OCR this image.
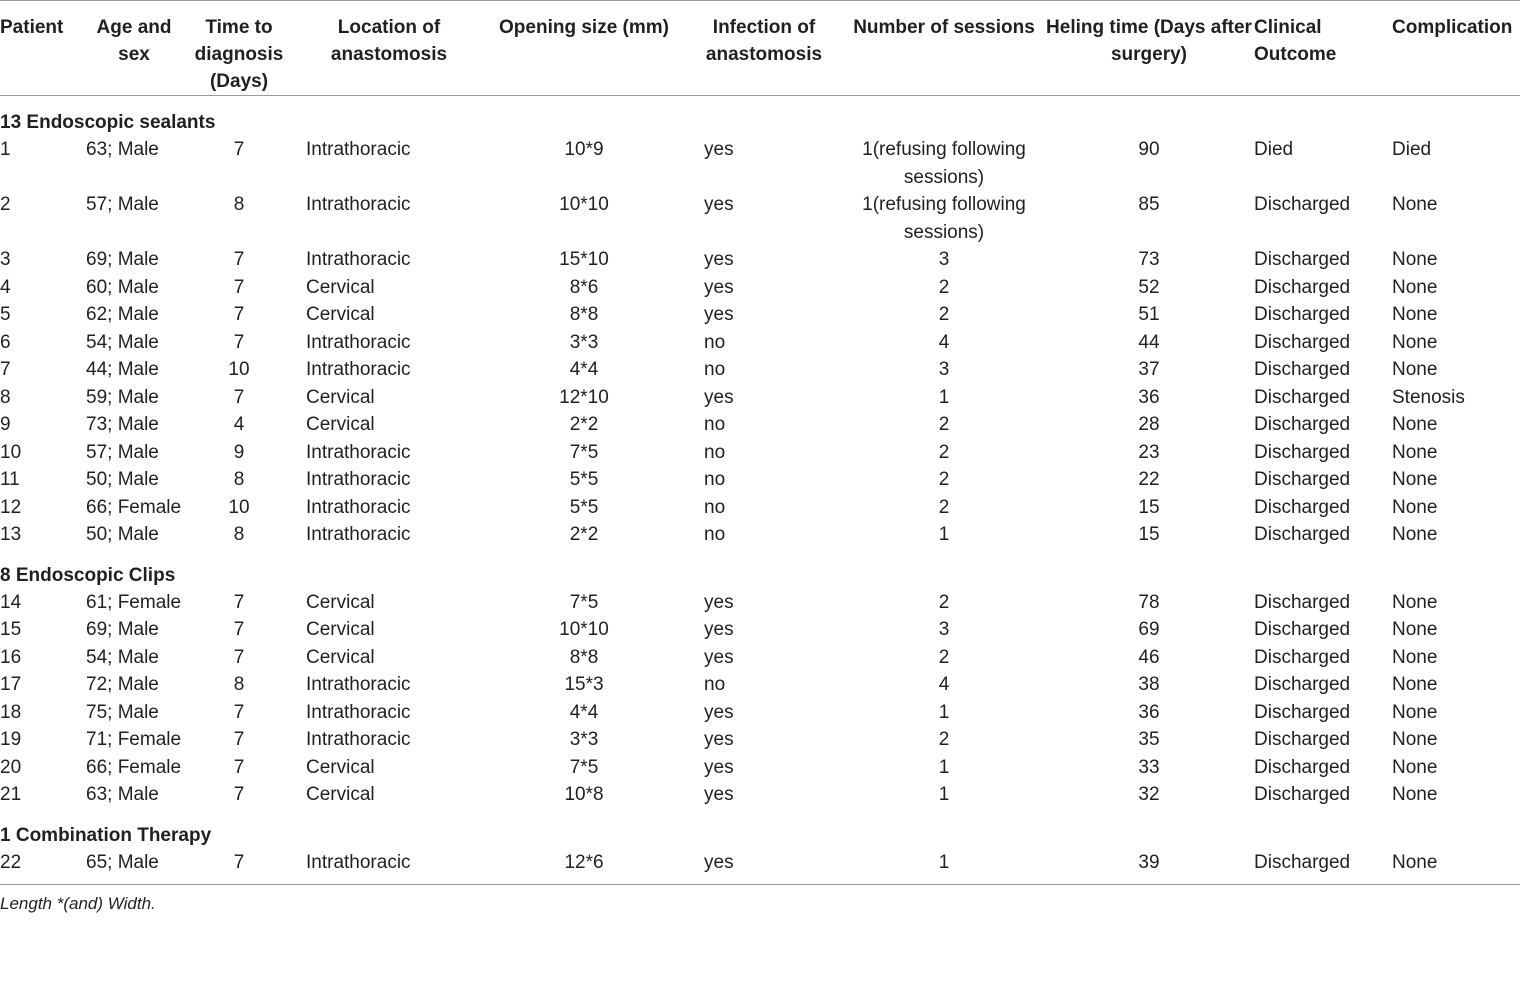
Patient	Age and sex	Time to diagnosis (Days)	Location of anastomosis	Opening size (mm)	Infection of anastomosis	Number of sessions	Heling time (Days after surgery)	Clinical Outcome	Complication
13 Endoscopic sealants									
1	63; Male	7	Intrathoracic	10*9	yes	1(refusing following sessions)	90	Died	Died
2	57; Male	8	Intrathoracic	10*10	yes	1(refusing following sessions)	85	Discharged	None
3	69; Male	7	Intrathoracic	15*10	yes	3	73	Discharged	None
4	60; Male	7	Cervical	8*6	yes	2	52	Discharged	None
5	62; Male	7	Cervical	8*8	yes	2	51	Discharged	None
6	54; Male	7	Intrathoracic	3*3	no	4	44	Discharged	None
7	44; Male	10	Intrathoracic	4*4	no	3	37	Discharged	None
8	59; Male	7	Cervical	12*10	yes	1	36	Discharged	Stenosis
9	73; Male	4	Cervical	2*2	no	2	28	Discharged	None
10	57; Male	9	Intrathoracic	7*5	no	2	23	Discharged	None
11	50; Male	8	Intrathoracic	5*5	no	2	22	Discharged	None
12	66; Female	10	Intrathoracic	5*5	no	2	15	Discharged	None
13	50; Male	8	Intrathoracic	2*2	no	1	15	Discharged	None
8 Endoscopic Clips									
14	61; Female	7	Cervical	7*5	yes	2	78	Discharged	None
15	69; Male	7	Cervical	10*10	yes	3	69	Discharged	None
16	54; Male	7	Cervical	8*8	yes	2	46	Discharged	None
17	72; Male	8	Intrathoracic	15*3	no	4	38	Discharged	None
18	75; Male	7	Intrathoracic	4*4	yes	1	36	Discharged	None
19	71; Female	7	Intrathoracic	3*3	yes	2	35	Discharged	None
20	66; Female	7	Cervical	7*5	yes	1	33	Discharged	None
21	63; Male	7	Cervical	10*8	yes	1	32	Discharged	None
1 Combination Therapy									
22	65; Male	7	Intrathoracic	12*6	yes	1	39	Discharged	None
Length *(and) Width.
